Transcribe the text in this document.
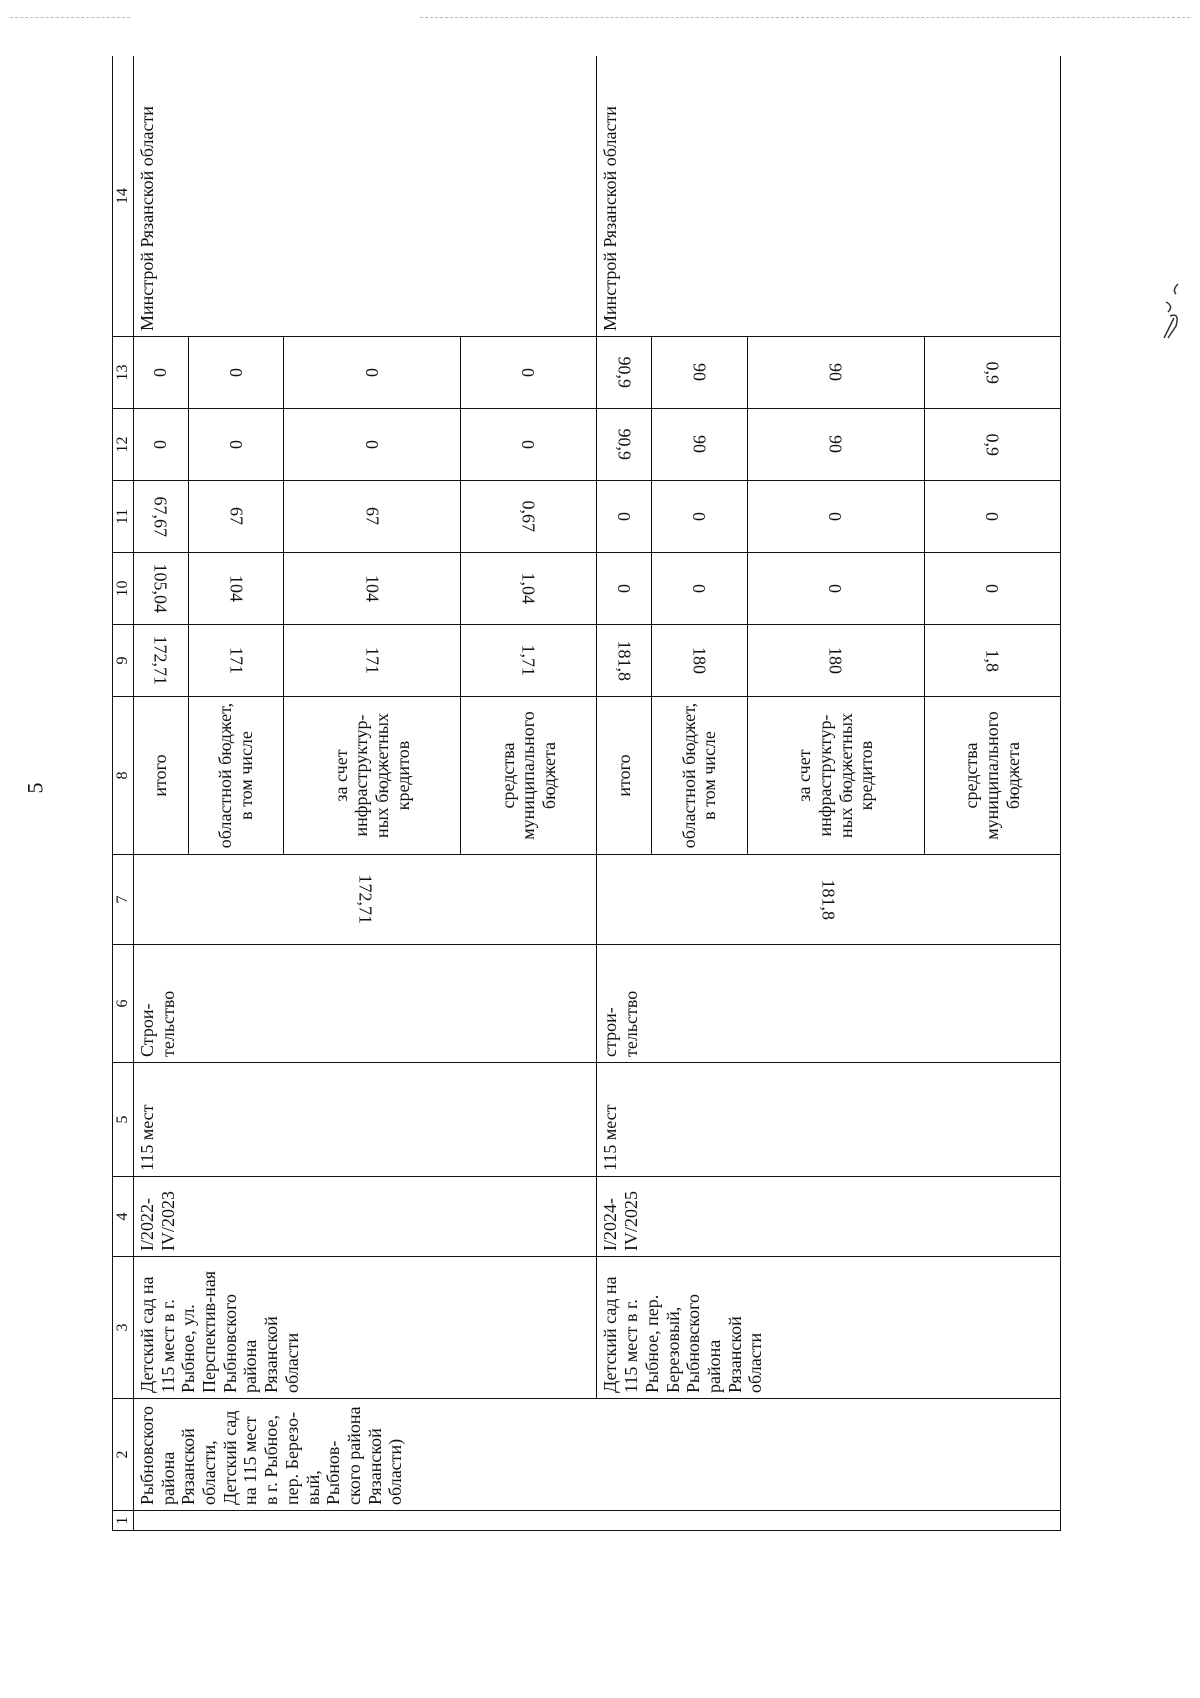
5
1	2	3	4	5	6	7	8	9	10	11	12	13	14
	Рыбновского района Рязанской области, Детский сад на 115 мест в г. Рыбное, пер. Березо-вый, Рыбнов-ского района Рязанской области)	Детский сад на 115 мест в г. Рыбное, ул. Перспектив-ная Рыбновского района Рязанской области	I/2022- IV/2023	115 мест	Строи-тельство	172,71	итого	172,71	105,04	67,67	0	0	Минстрой Рязанской области
							областной бюджет, в том числе	171	104	67	0	0	
							за счет инфраструктур-ных бюджетных кредитов	171	104	67	0	0	
							средства муниципального бюджета	1,71	1,04	0,67	0	0	
		Детский сад на 115 мест в г. Рыбное, пер. Березовый, Рыбновского района Рязанской области	I/2024- IV/2025	115 мест	строи-тельство	181,8	итого	181,8	0	0	90,9	90,9	Минстрой Рязанской области
							областной бюджет, в том числе	180	0	0	90	90	
							за счет инфраструктур-ных бюджетных кредитов	180	0	0	90	90	
							средства муниципального бюджета	1,8	0	0	0,9	0,9	
